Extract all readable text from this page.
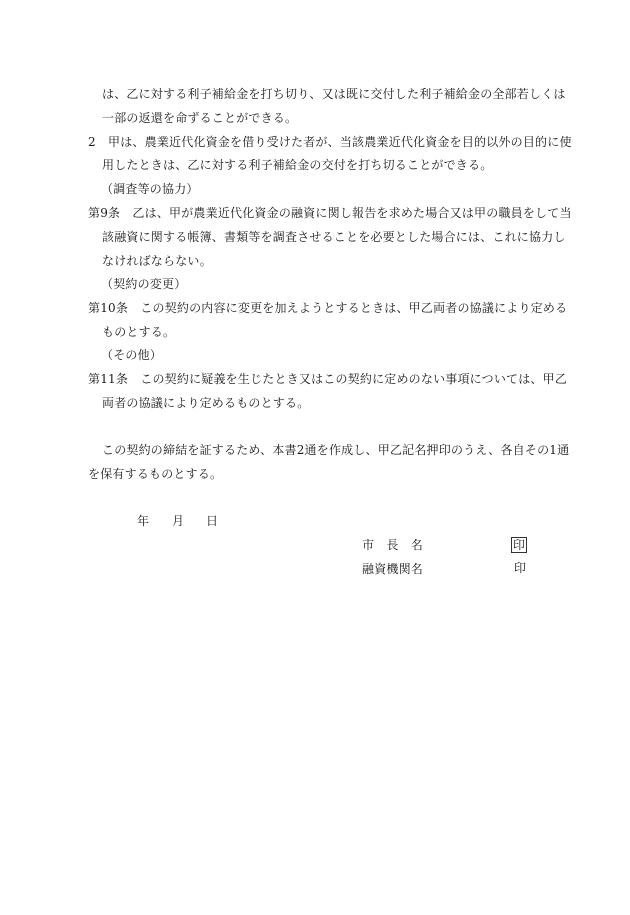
は、乙に対する利子補給金を打ち切り、又は既に交付した利子補給金の全部若しくは
一部の返還を命ずることができる。
2　甲は、農業近代化資金を借り受けた者が、当該農業近代化資金を目的以外の目的に使
用したときは、乙に対する利子補給金の交付を打ち切ることができる。
（調査等の協力）
第9条　乙は、甲が農業近代化資金の融資に関し報告を求めた場合又は甲の職員をして当
該融資に関する帳簿、書類等を調査させることを必要とした場合には、これに協力し
なければならない。
（契約の変更）
第10条　この契約の内容に変更を加えようとするときは、甲乙両者の協議により定める
ものとする。
（その他）
第11条　この契約に疑義を生じたとき又はこの契約に定めのない事項については、甲乙
両者の協議により定めるものとする。
この契約の締結を証するため、本書2通を作成し、甲乙記名押印のうえ、各自その1通
を保有するものとする。
年 月 日
市　長　名	印
融資機関名	印
